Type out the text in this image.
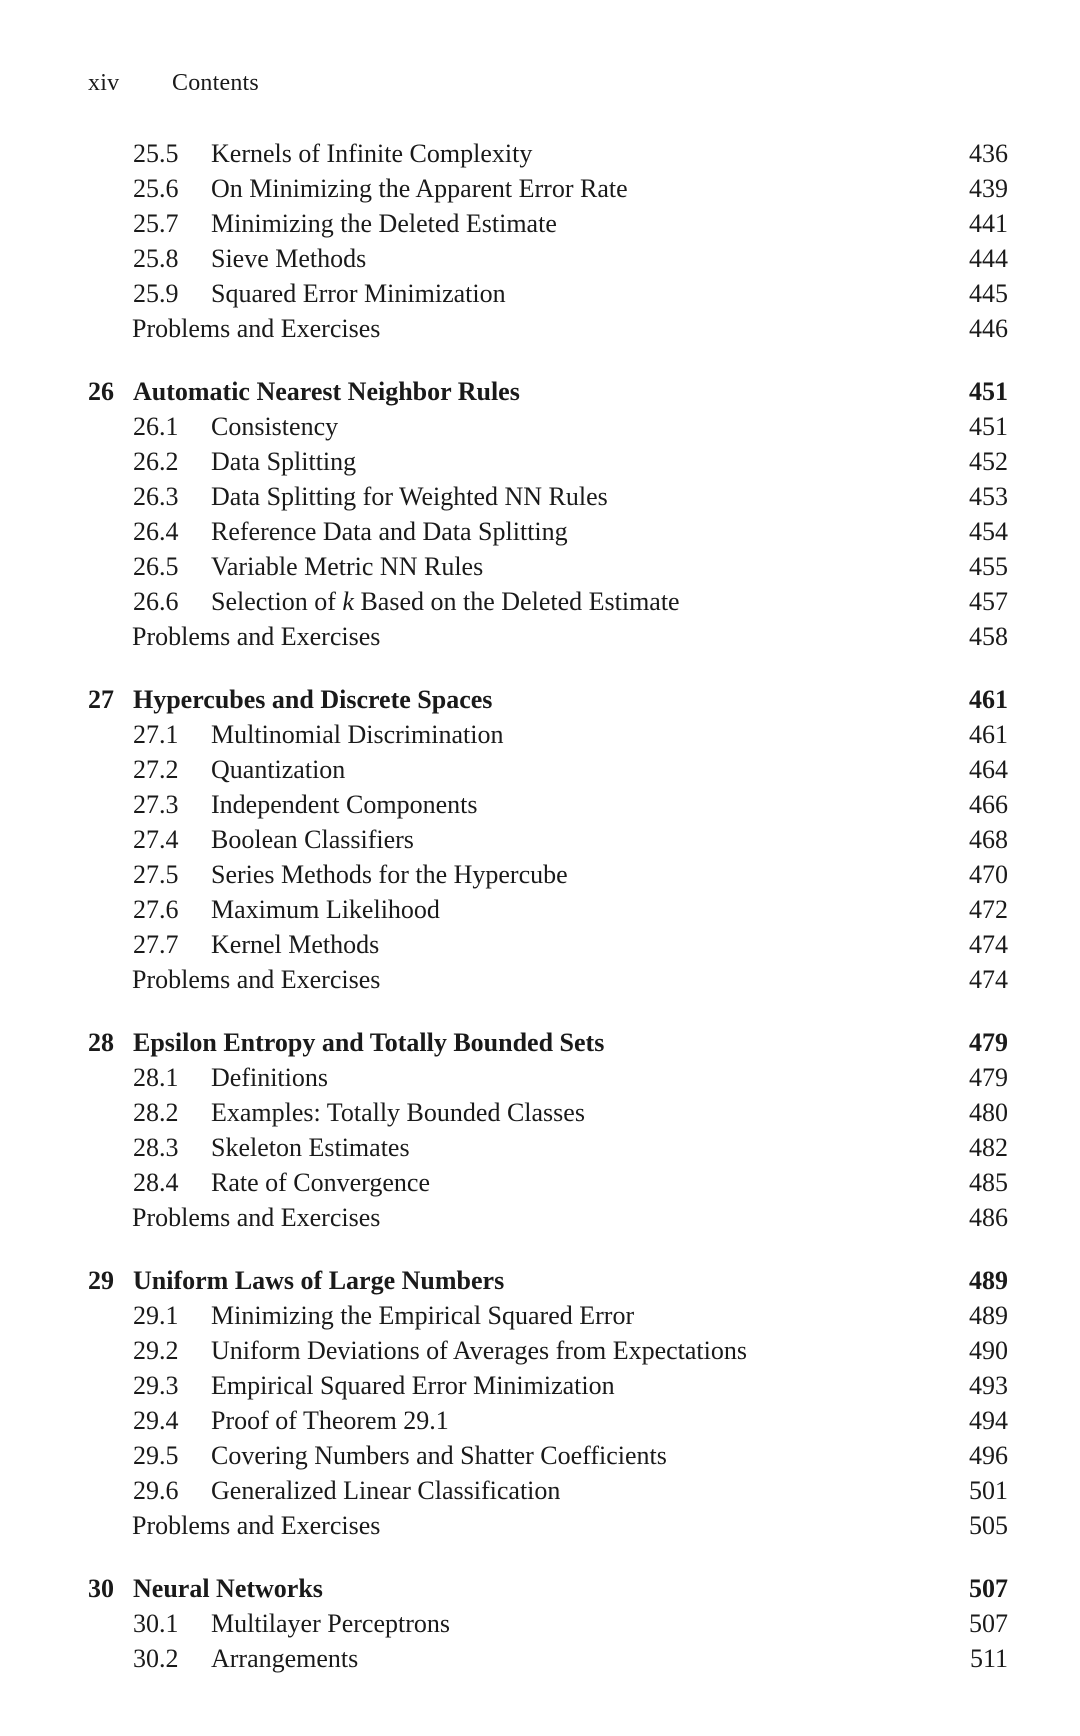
xiv Contents
25.5 Kernels of Infinite Complexity	436
25.6 On Minimizing the Apparent Error Rate	439
25.7 Minimizing the Deleted Estimate	441
25.8 Sieve Methods	444
25.9 Squared Error Minimization	445
Problems and Exercises	446
26 Automatic Nearest Neighbor Rules	451
26.1 Consistency	451
26.2 Data Splitting	452
26.3 Data Splitting for Weighted NN Rules	453
26.4 Reference Data and Data Splitting	454
26.5 Variable Metric NN Rules	455
26.6 Selection of k Based on the Deleted Estimate	457
Problems and Exercises	458
27 Hypercubes and Discrete Spaces	461
27.1 Multinomial Discrimination	461
27.2 Quantization	464
27.3 Independent Components	466
27.4 Boolean Classifiers	468
27.5 Series Methods for the Hypercube	470
27.6 Maximum Likelihood	472
27.7 Kernel Methods	474
Problems and Exercises	474
28 Epsilon Entropy and Totally Bounded Sets	479
28.1 Definitions	479
28.2 Examples: Totally Bounded Classes	480
28.3 Skeleton Estimates	482
28.4 Rate of Convergence	485
Problems and Exercises	486
29 Uniform Laws of Large Numbers	489
29.1 Minimizing the Empirical Squared Error	489
29.2 Uniform Deviations of Averages from Expectations	490
29.3 Empirical Squared Error Minimization	493
29.4 Proof of Theorem 29.1	494
29.5 Covering Numbers and Shatter Coefficients	496
29.6 Generalized Linear Classification	501
Problems and Exercises	505
30 Neural Networks	507
30.1 Multilayer Perceptrons	507
30.2 Arrangements	511
